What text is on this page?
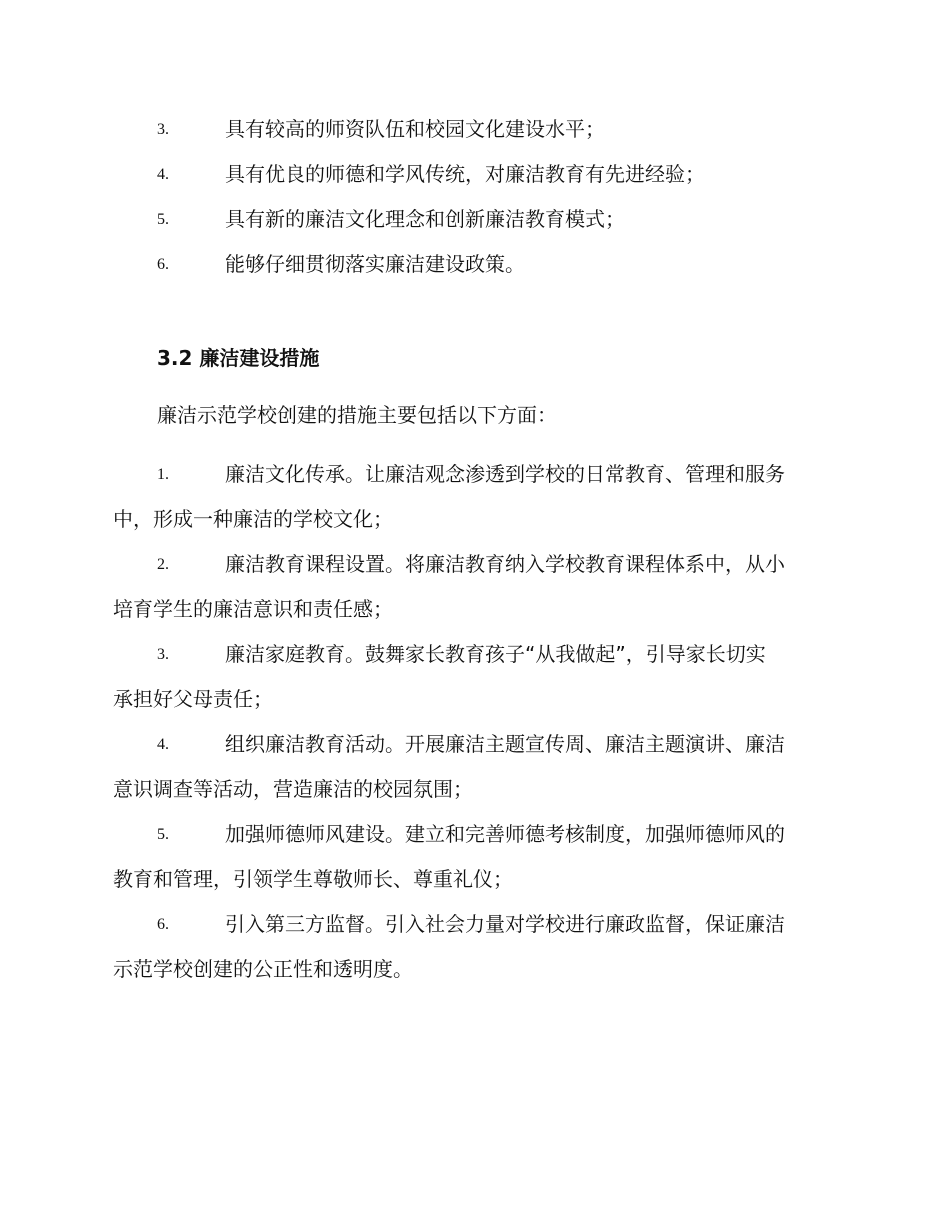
3.	具有较高的师资队伍和校园文化建设水平；
4.	具有优良的师德和学风传统，对廉洁教育有先进经验；
5.	具有新的廉洁文化理念和创新廉洁教育模式；
6.	能够仔细贯彻落实廉洁建设政策。
3.2 廉洁建设措施
廉洁示范学校创建的措施主要包括以下方面：
1.	廉洁文化传承。让廉洁观念渗透到学校的日常教育、管理和服务
中，形成一种廉洁的学校文化；
2.	廉洁教育课程设置。将廉洁教育纳入学校教育课程体系中，从小
培育学生的廉洁意识和责任感；
3.	廉洁家庭教育。鼓舞家长教育孩子“从我做起”，引导家长切实
承担好父母责任；
4.	组织廉洁教育活动。开展廉洁主题宣传周、廉洁主题演讲、廉洁
意识调查等活动，营造廉洁的校园氛围；
5.	加强师德师风建设。建立和完善师德考核制度，加强师德师风的
教育和管理，引领学生尊敬师长、尊重礼仪；
6.	引入第三方监督。引入社会力量对学校进行廉政监督，保证廉洁
示范学校创建的公正性和透明度。
